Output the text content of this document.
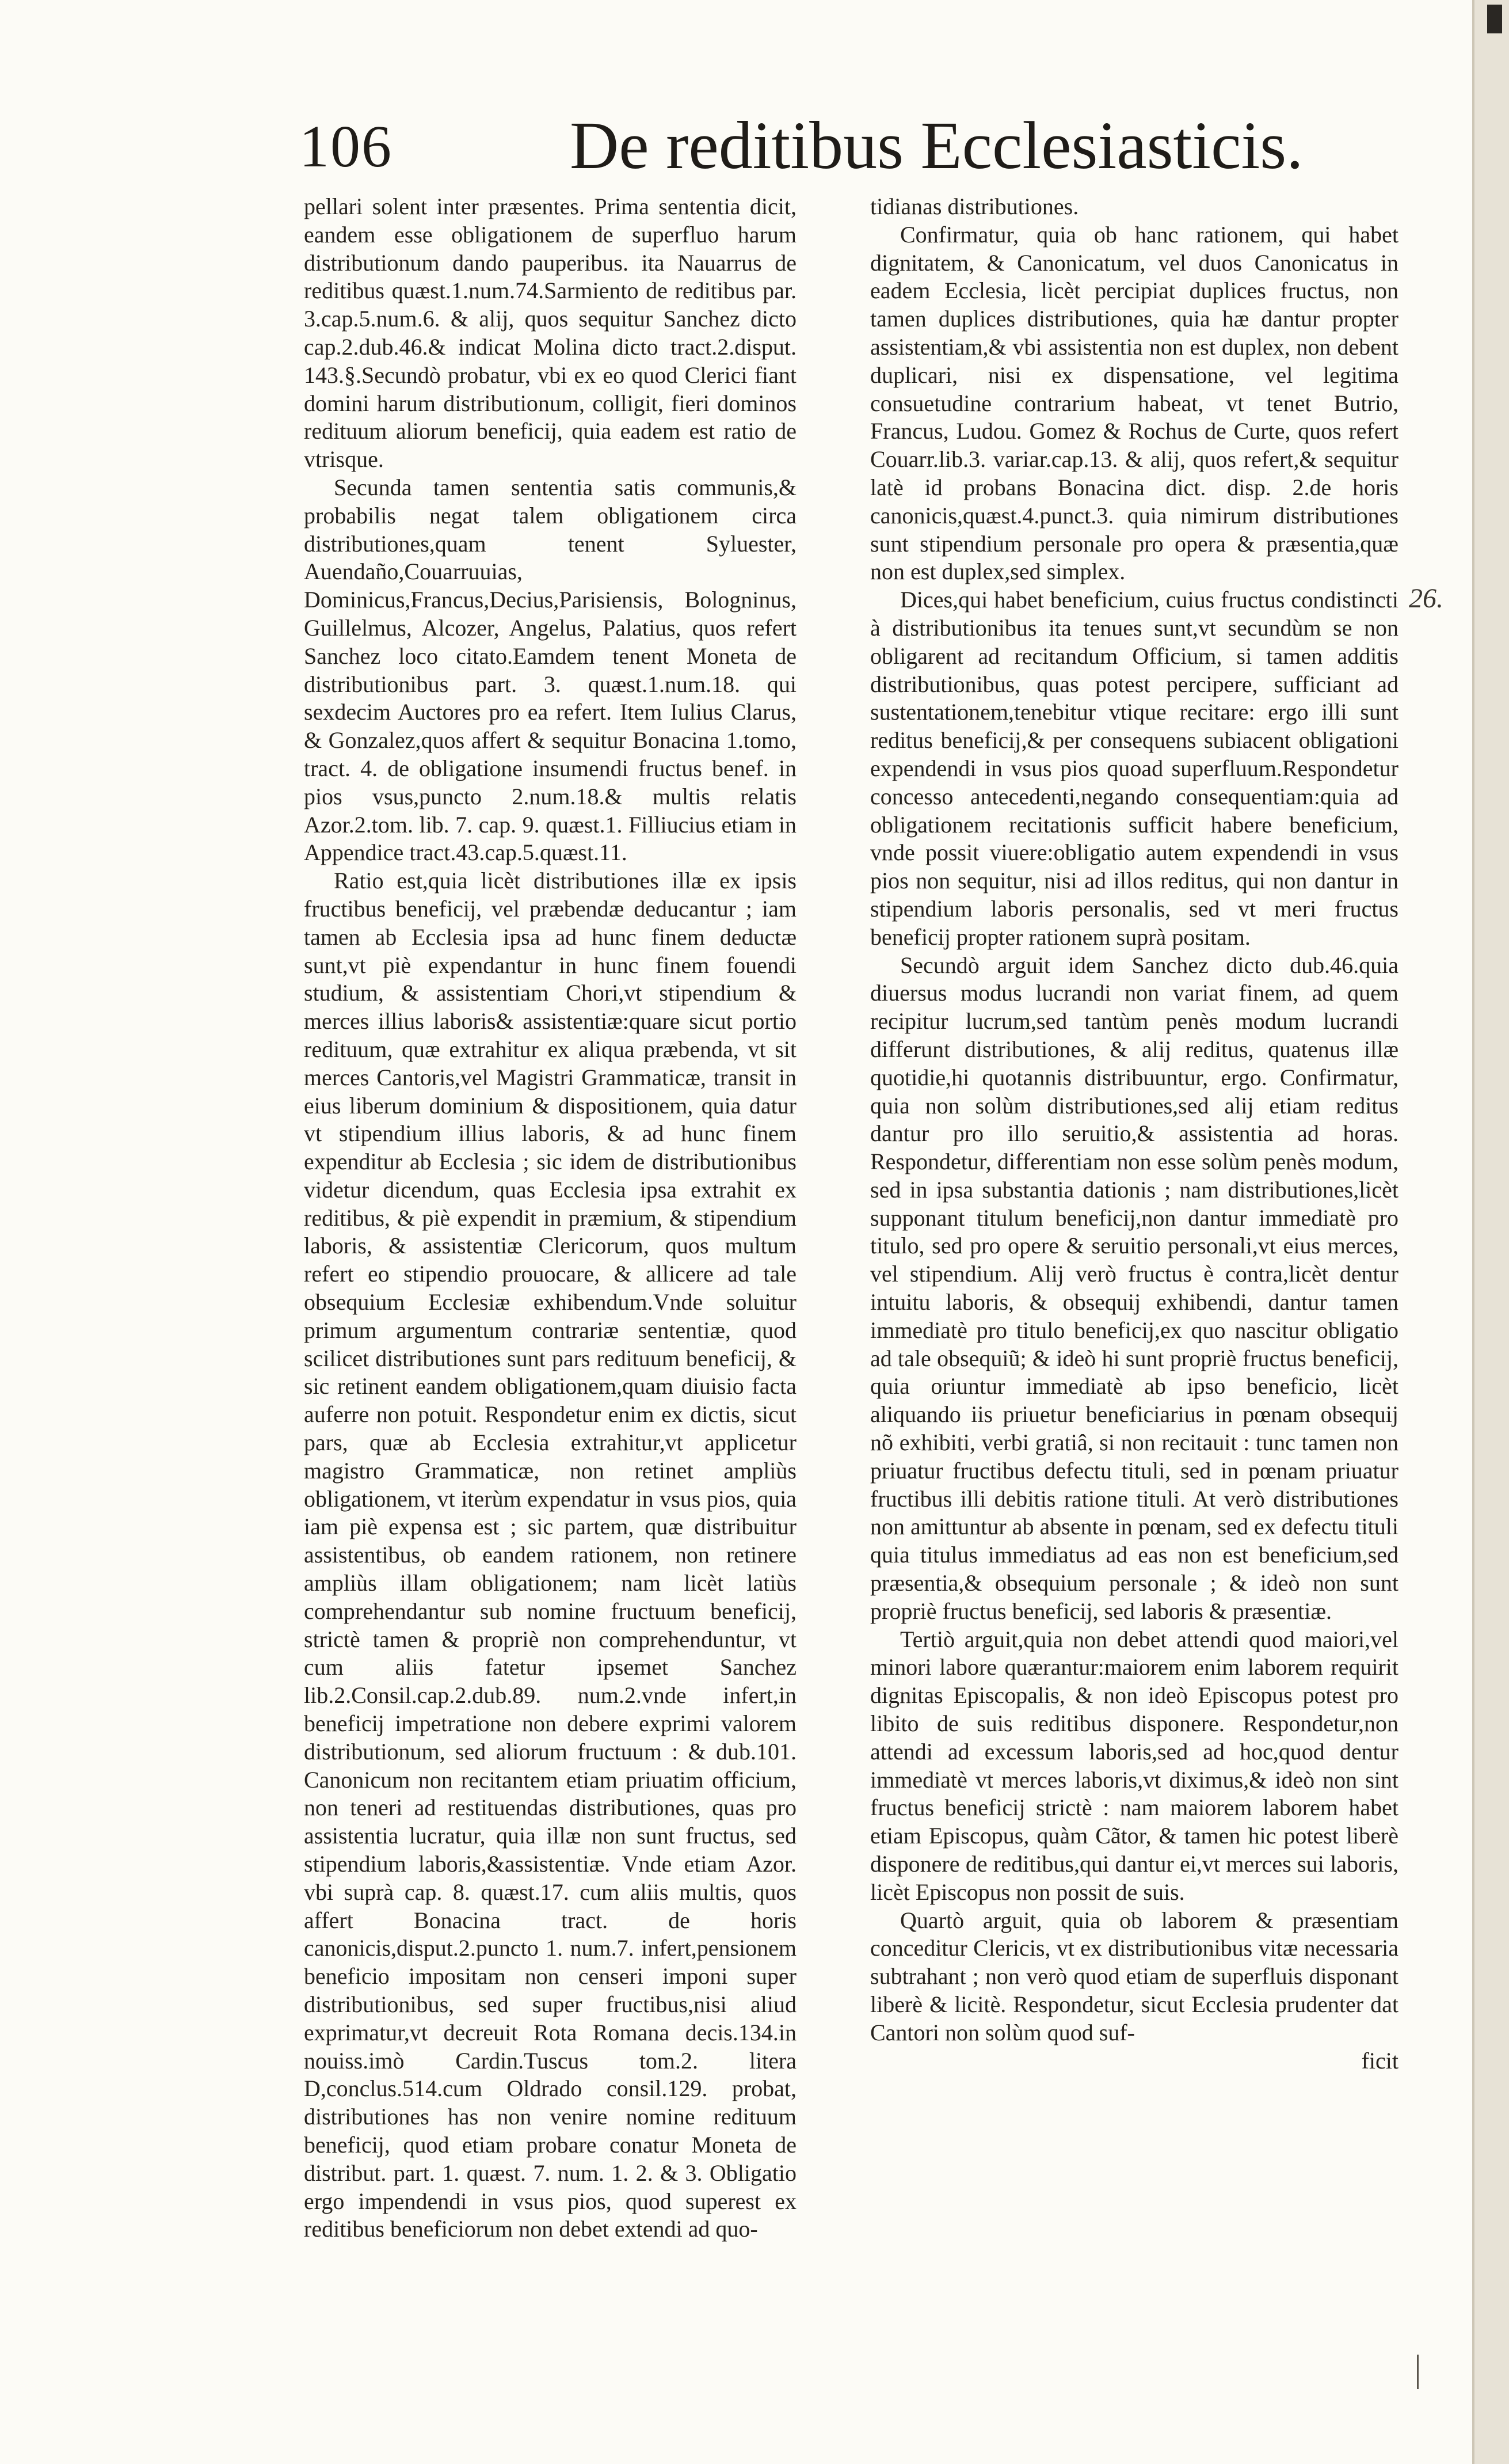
106	De reditibus Ecclesiasticis.

pellari solent inter præsentes. Prima sententia dicit, eandem esse obligationem de superfluo harum distributionum dando pauperibus. ita Nauarrus de reditibus quæst.1.num.74.Sarmiento de reditibus par. 3.cap.5.num.6. & alij, quos sequitur Sanchez dicto cap.2.dub.46.& indicat Molina dicto tract.2.disput. 143.§.Secundò probatur, vbi ex eo quod Clerici fiant domini harum distributionum, colligit, fieri dominos redituum aliorum beneficij, quia eadem est ratio de vtrisque.

Secunda tamen sententia satis communis,& probabilis negat talem obligationem circa distributiones,quam tenent Syluester, Auendaño,Couarruuias, Dominicus,Francus,Decius,Parisiensis, Bologninus, Guillelmus, Alcozer, Angelus, Palatius, quos refert Sanchez loco citato.Eamdem tenent Moneta de distributionibus part. 3. quæst.1.num.18. qui sexdecim Auctores pro ea refert. Item Iulius Clarus, & Gonzalez,quos affert & sequitur Bonacina 1.tomo, tract. 4. de obligatione insumendi fructus benef. in pios vsus,puncto 2.num.18.& multis relatis Azor.2.tom. lib. 7. cap. 9. quæst.1. Filliucius etiam in Appendice tract.43.cap.5.quæst.11.

Ratio est,quia licèt distributiones illæ ex ipsis fructibus beneficij, vel præbendæ deducantur ; iam tamen ab Ecclesia ipsa ad hunc finem deductæ sunt,vt piè expendantur in hunc finem fouendi studium, & assistentiam Chori,vt stipendium & merces illius laboris& assistentiæ:quare sicut portio redituum, quæ extrahitur ex aliqua præbenda, vt sit merces Cantoris,vel Magistri Grammaticæ, transit in eius liberum dominium & dispositionem, quia datur vt stipendium illius laboris, & ad hunc finem expenditur ab Ecclesia ; sic idem de distributionibus videtur dicendum, quas Ecclesia ipsa extrahit ex reditibus, & piè expendit in præmium, & stipendium laboris, & assistentiæ Clericorum, quos multum refert eo stipendio prouocare, & allicere ad tale obsequium Ecclesiæ exhibendum.Vnde soluitur primum argumentum contrariæ sententiæ, quod scilicet distributiones sunt pars redituum beneficij, & sic retinent eandem obligationem,quam diuisio facta auferre non potuit. Respondetur enim ex dictis, sicut pars, quæ ab Ecclesia extrahitur,vt applicetur magistro Grammaticæ, non retinet ampliùs obligationem, vt iterùm expendatur in vsus pios, quia iam piè expensa est ; sic partem, quæ distribuitur assistentibus, ob eandem rationem, non retinere ampliùs illam obligationem; nam licèt latiùs comprehendantur sub nomine fructuum beneficij, strictè tamen & propriè non comprehenduntur, vt cum aliis fatetur ipsemet Sanchez lib.2.Consil.cap.2.dub.89. num.2.vnde infert,in beneficij impetratione non debere exprimi valorem distributionum, sed aliorum fructuum : & dub.101. Canonicum non recitantem etiam priuatim officium, non teneri ad restituendas distributiones, quas pro assistentia lucratur, quia illæ non sunt fructus, sed stipendium laboris,&assistentiæ. Vnde etiam Azor. vbi suprà cap. 8. quæst.17. cum aliis multis, quos affert Bonacina tract. de horis canonicis,disput.2.puncto 1. num.7. infert,pensionem beneficio impositam non censeri imponi super distributionibus, sed super fructibus,nisi aliud exprimatur,vt decreuit Rota Romana decis.134.in nouiss.imò Cardin.Tuscus tom.2. litera D,conclus.514.cum Oldrado consil.129. probat, distributiones has non venire nomine redituum beneficij, quod etiam probare conatur Moneta de distribut. part. 1. quæst. 7. num. 1. 2. & 3. Obligatio ergo impendendi in vsus pios, quod superest ex reditibus beneficiorum non debet extendi ad quo-

tidianas distributiones.

Confirmatur, quia ob hanc rationem, qui habet dignitatem, & Canonicatum, vel duos Canonicatus in eadem Ecclesia, licèt percipiat duplices fructus, non tamen duplices distributiones, quia hæ dantur propter assistentiam,& vbi assistentia non est duplex, non debent duplicari, nisi ex dispensatione, vel legitima consuetudine contrarium habeat, vt tenet Butrio, Francus, Ludou. Gomez & Rochus de Curte, quos refert Couarr.lib.3. variar.cap.13. & alij, quos refert,& sequitur latè id probans Bonacina dict. disp. 2.de horis canonicis,quæst.4.punct.3. quia nimirum distributiones sunt stipendium personale pro opera & præsentia,quæ non est duplex,sed simplex.

Dices,qui habet beneficium, cuius fructus condistincti à distributionibus ita tenues sunt,vt secundùm se non obligarent ad recitandum Officium, si tamen additis distributionibus, quas potest percipere, sufficiant ad sustentationem,tenebitur vtique recitare: ergo illi sunt reditus beneficij,& per consequens subiacent obligationi expendendi in vsus pios quoad superfluum.Respondetur concesso antecedenti,negando consequentiam:quia ad obligationem recitationis sufficit habere beneficium, vnde possit viuere:obligatio autem expendendi in vsus pios non sequitur, nisi ad illos reditus, qui non dantur in stipendium laboris personalis, sed vt meri fructus beneficij propter rationem suprà positam.

Secundò arguit idem Sanchez dicto dub.46.quia diuersus modus lucrandi non variat finem, ad quem recipitur lucrum,sed tantùm penès modum lucrandi differunt distributiones, & alij reditus, quatenus illæ quotidie,hi quotannis distribuuntur, ergo. Confirmatur, quia non solùm distributiones,sed alij etiam reditus dantur pro illo seruitio,& assistentia ad horas. Respondetur, differentiam non esse solùm penès modum, sed in ipsa substantia dationis ; nam distributiones,licèt supponant titulum beneficij,non dantur immediatè pro titulo, sed pro opere & seruitio personali,vt eius merces, vel stipendium. Alij verò fructus è contra,licèt dentur intuitu laboris, & obsequij exhibendi, dantur tamen immediatè pro titulo beneficij,ex quo nascitur obligatio ad tale obsequiũ; & ideò hi sunt propriè fructus beneficij, quia oriuntur immediatè ab ipso beneficio, licèt aliquando iis priuetur beneficiarius in pœnam obsequij nõ exhibiti, verbi gratiâ, si non recitauit : tunc tamen non priuatur fructibus defectu tituli, sed in pœnam priuatur fructibus illi debitis ratione tituli. At verò distributiones non amittuntur ab absente in pœnam, sed ex defectu tituli quia titulus immediatus ad eas non est beneficium,sed præsentia,& obsequium personale ; & ideò non sunt propriè fructus beneficij, sed laboris & præsentiæ.

Tertiò arguit,quia non debet attendi quod maiori,vel minori labore quærantur:maiorem enim laborem requirit dignitas Episcopalis, & non ideò Episcopus potest pro libito de suis reditibus disponere. Respondetur,non attendi ad excessum laboris,sed ad hoc,quod dentur immediatè vt merces laboris,vt diximus,& ideò non sint fructus beneficij strictè : nam maiorem laborem habet etiam Episcopus, quàm Cãtor, & tamen hic potest liberè disponere de reditibus,qui dantur ei,vt merces sui laboris, licèt Episcopus non possit de suis.

Quartò arguit, quia ob laborem & præsentiam conceditur Clericis, vt ex distributionibus vitæ necessaria subtrahant ; non verò quod etiam de superfluis disponant liberè & licitè. Respondetur, sicut Ecclesia prudenter dat Cantori non solùm quod suf-

ficit

26.
